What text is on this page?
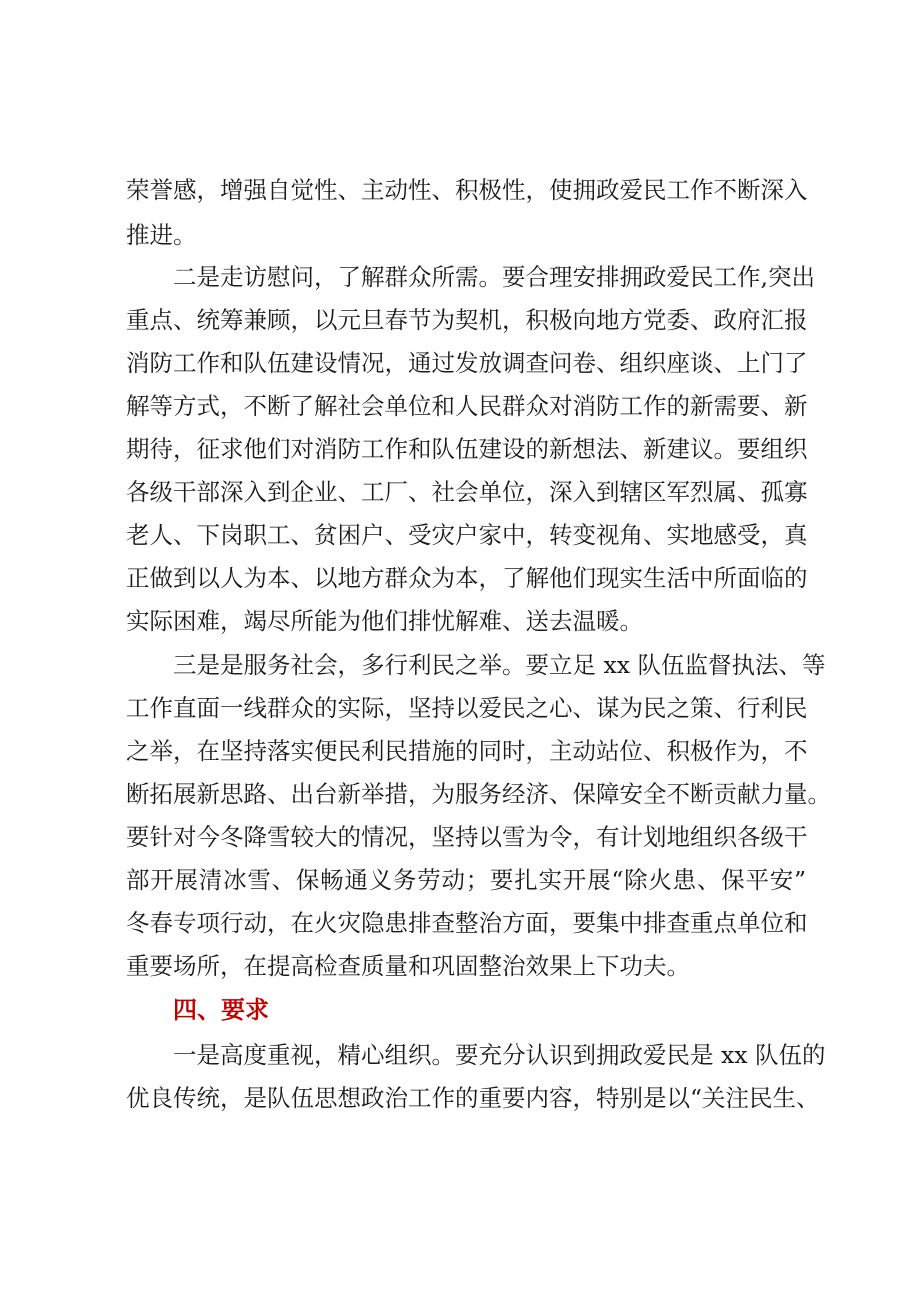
荣誉感，增强自觉性、主动性、积极性，使拥政爱民工作不断深入
推进。
二是走访慰问，了解群众所需。要合理安排拥政爱民工作,突出
重点、统筹兼顾，以元旦春节为契机，积极向地方党委、政府汇报
消防工作和队伍建设情况，通过发放调查问卷、组织座谈、上门了
解等方式，不断了解社会单位和人民群众对消防工作的新需要、新
期待，征求他们对消防工作和队伍建设的新想法、新建议。要组织
各级干部深入到企业、工厂、社会单位，深入到辖区军烈属、孤寡
老人、下岗职工、贫困户、受灾户家中，转变视角、实地感受，真
正做到以人为本、以地方群众为本，了解他们现实生活中所面临的
实际困难，竭尽所能为他们排忧解难、送去温暖。
三是是服务社会，多行利民之举。要立足 xx 队伍监督执法、等
工作直面一线群众的实际，坚持以爱民之心、谋为民之策、行利民
之举，在坚持落实便民利民措施的同时，主动站位、积极作为，不
断拓展新思路、出台新举措，为服务经济、保障安全不断贡献力量。
要针对今冬降雪较大的情况，坚持以雪为令，有计划地组织各级干
部开展清冰雪、保畅通义务劳动；要扎实开展“除火患、保平安”
冬春专项行动，在火灾隐患排查整治方面，要集中排查重点单位和
重要场所，在提高检查质量和巩固整治效果上下功夫。
四、要求
一是高度重视，精心组织。要充分认识到拥政爱民是 xx 队伍的
优良传统，是队伍思想政治工作的重要内容，特别是以“关注民生、
